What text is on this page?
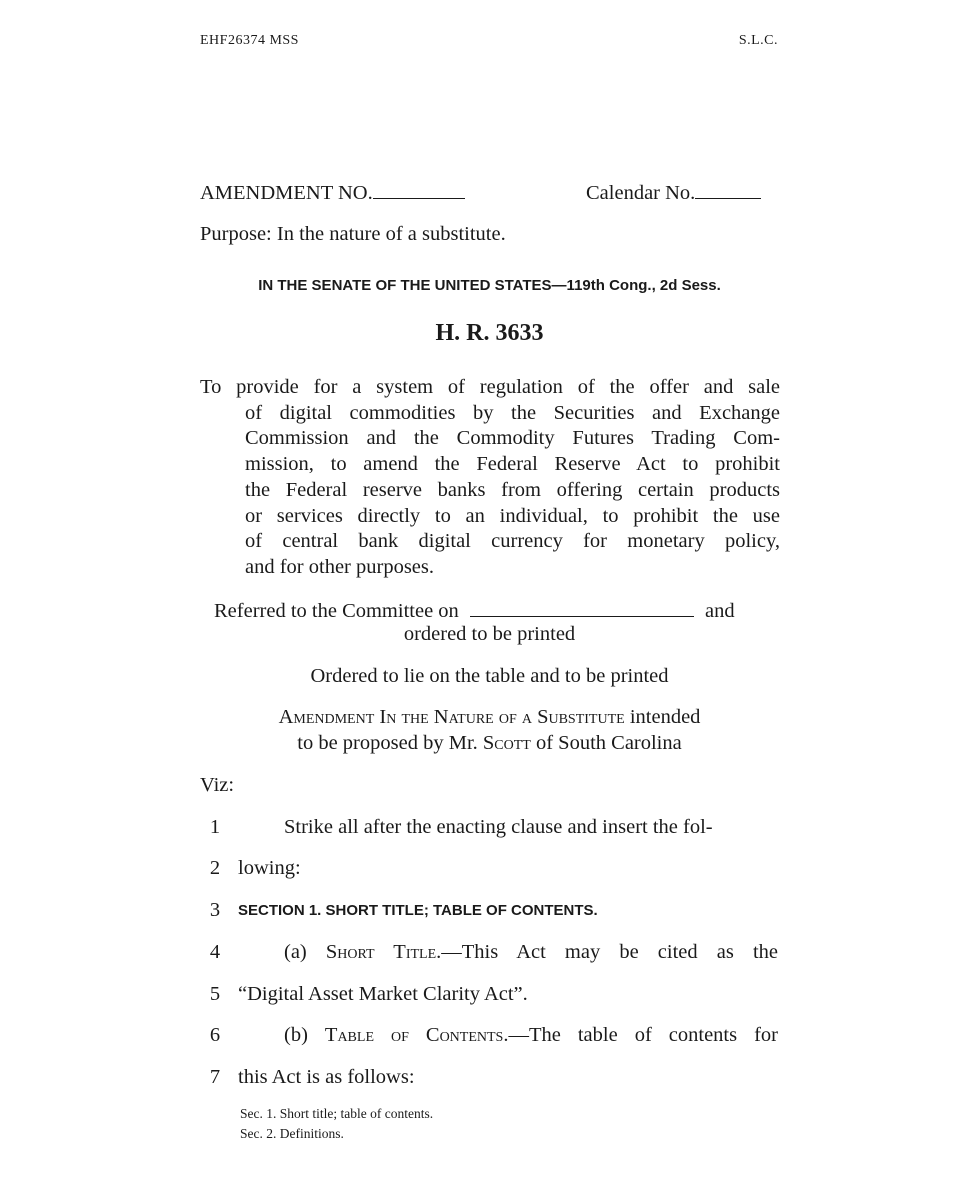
EHF26374 MSS	S.L.C.
AMENDMENT NO.	Calendar No.
Purpose: In the nature of a substitute.
IN THE SENATE OF THE UNITED STATES—119th Cong., 2d Sess.
H. R. 3633
To provide for a system of regulation of the offer and sale
of digital commodities by the Securities and Exchange
Commission and the Commodity Futures Trading Com-
mission, to amend the Federal Reserve Act to prohibit
the Federal reserve banks from offering certain products
or services directly to an individual, to prohibit the use
of central bank digital currency for monetary policy,
and for other purposes.
Referred to the Committee on	and
ordered to be printed
Ordered to lie on the table and to be printed
Amendment In the Nature of a Substitute intended
to be proposed by Mr. Scott of South Carolina
Viz:
1	Strike all after the enacting clause and insert the fol-
2 lowing:
3	SECTION 1. SHORT TITLE; TABLE OF CONTENTS.
4	(a) Short Title.—This Act may be cited as the
5 “Digital Asset Market Clarity Act”.
6	(b) Table of Contents.—The table of contents for
7 this Act is as follows:
Sec. 1. Short title; table of contents.
Sec. 2. Definitions.
